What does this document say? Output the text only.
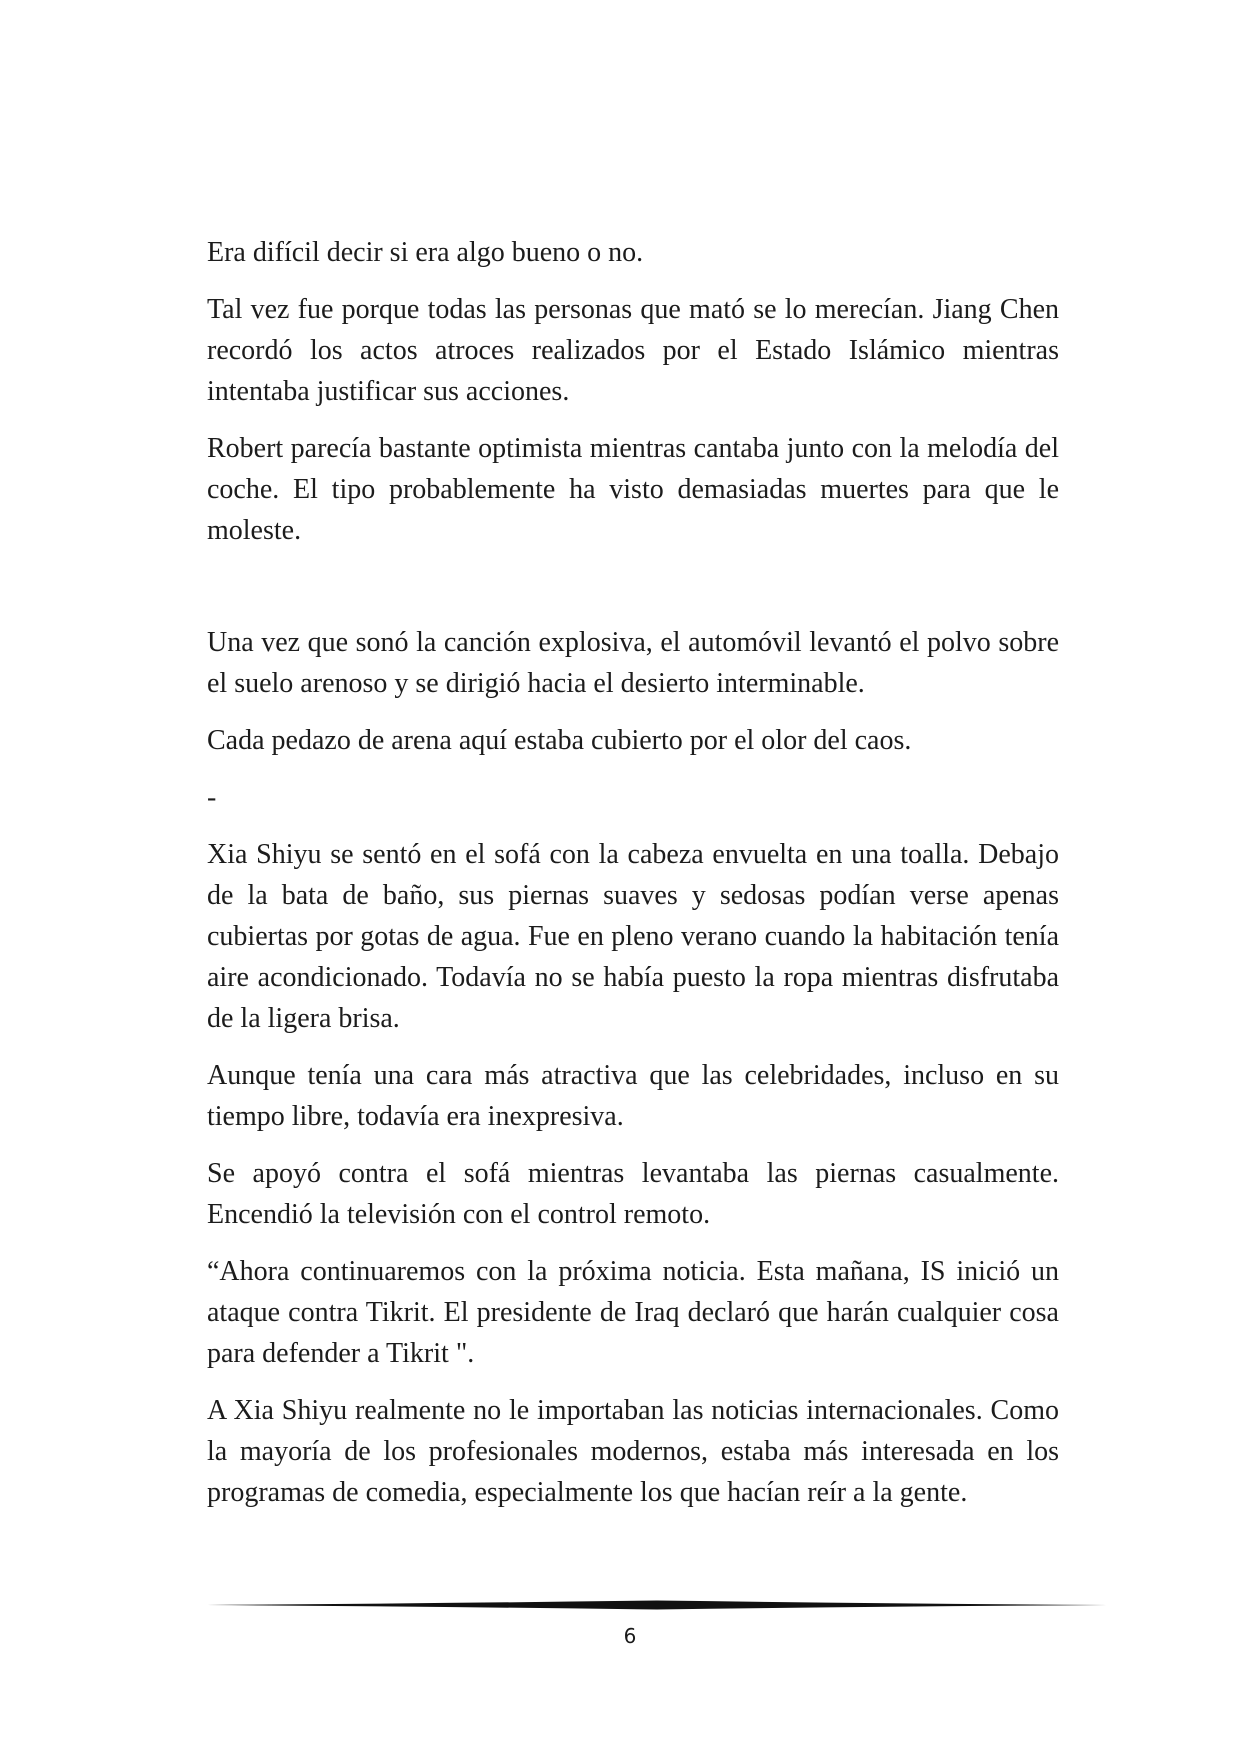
Era difícil decir si era algo bueno o no.

Tal vez fue porque todas las personas que mató se lo merecían. Jiang Chen recordó los actos atroces realizados por el Estado Islámico mientras intentaba justificar sus acciones.

Robert parecía bastante optimista mientras cantaba junto con la melodía del coche. El tipo probablemente ha visto demasiadas muertes para que le moleste.

Una vez que sonó la canción explosiva, el automóvil levantó el polvo sobre el suelo arenoso y se dirigió hacia el desierto interminable.

Cada pedazo de arena aquí estaba cubierto por el olor del caos.

-

Xia Shiyu se sentó en el sofá con la cabeza envuelta en una toalla. Debajo de la bata de baño, sus piernas suaves y sedosas podían verse apenas cubiertas por gotas de agua. Fue en pleno verano cuando la habitación tenía aire acondicionado. Todavía no se había puesto la ropa mientras disfrutaba de la ligera brisa.

Aunque tenía una cara más atractiva que las celebridades, incluso en su tiempo libre, todavía era inexpresiva.

Se apoyó contra el sofá mientras levantaba las piernas casualmente. Encendió la televisión con el control remoto.

“Ahora continuaremos con la próxima noticia. Esta mañana, IS inició un ataque contra Tikrit. El presidente de Iraq declaró que harán cualquier cosa para defender a Tikrit ".

A Xia Shiyu realmente no le importaban las noticias internacionales. Como la mayoría de los profesionales modernos, estaba más interesada en los programas de comedia, especialmente los que hacían reír a la gente.

6
